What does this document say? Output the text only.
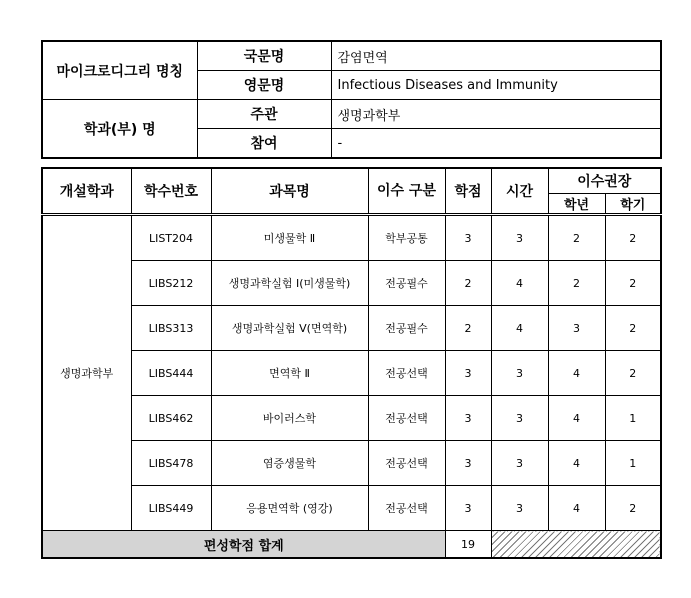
마이크로디그리 명칭	국문명	감염면역
	영문명	Infectious Diseases and Immunity
학과(부) 명	주관	생명과학부
	참여	-
개설학과	학수번호	과목명	이수 구분	학점	시간	이수권장	
						학년	학기
생명과학부	LIST204	미생물학 Ⅱ	학부공통	3	3	2	2
	LIBS212	생명과학실험 Ⅰ(미생물학)	전공필수	2	4	2	2
	LIBS313	생명과학실험 Ⅴ(면역학)	전공필수	2	4	3	2
	LIBS444	면역학 Ⅱ	전공선택	3	3	4	2
	LIBS462	바이러스학	전공선택	3	3	4	1
	LIBS478	염증생물학	전공선택	3	3	4	1
	LIBS449	응용면역학 (영강)	전공선택	3	3	4	2
편성학점 합계				19			
